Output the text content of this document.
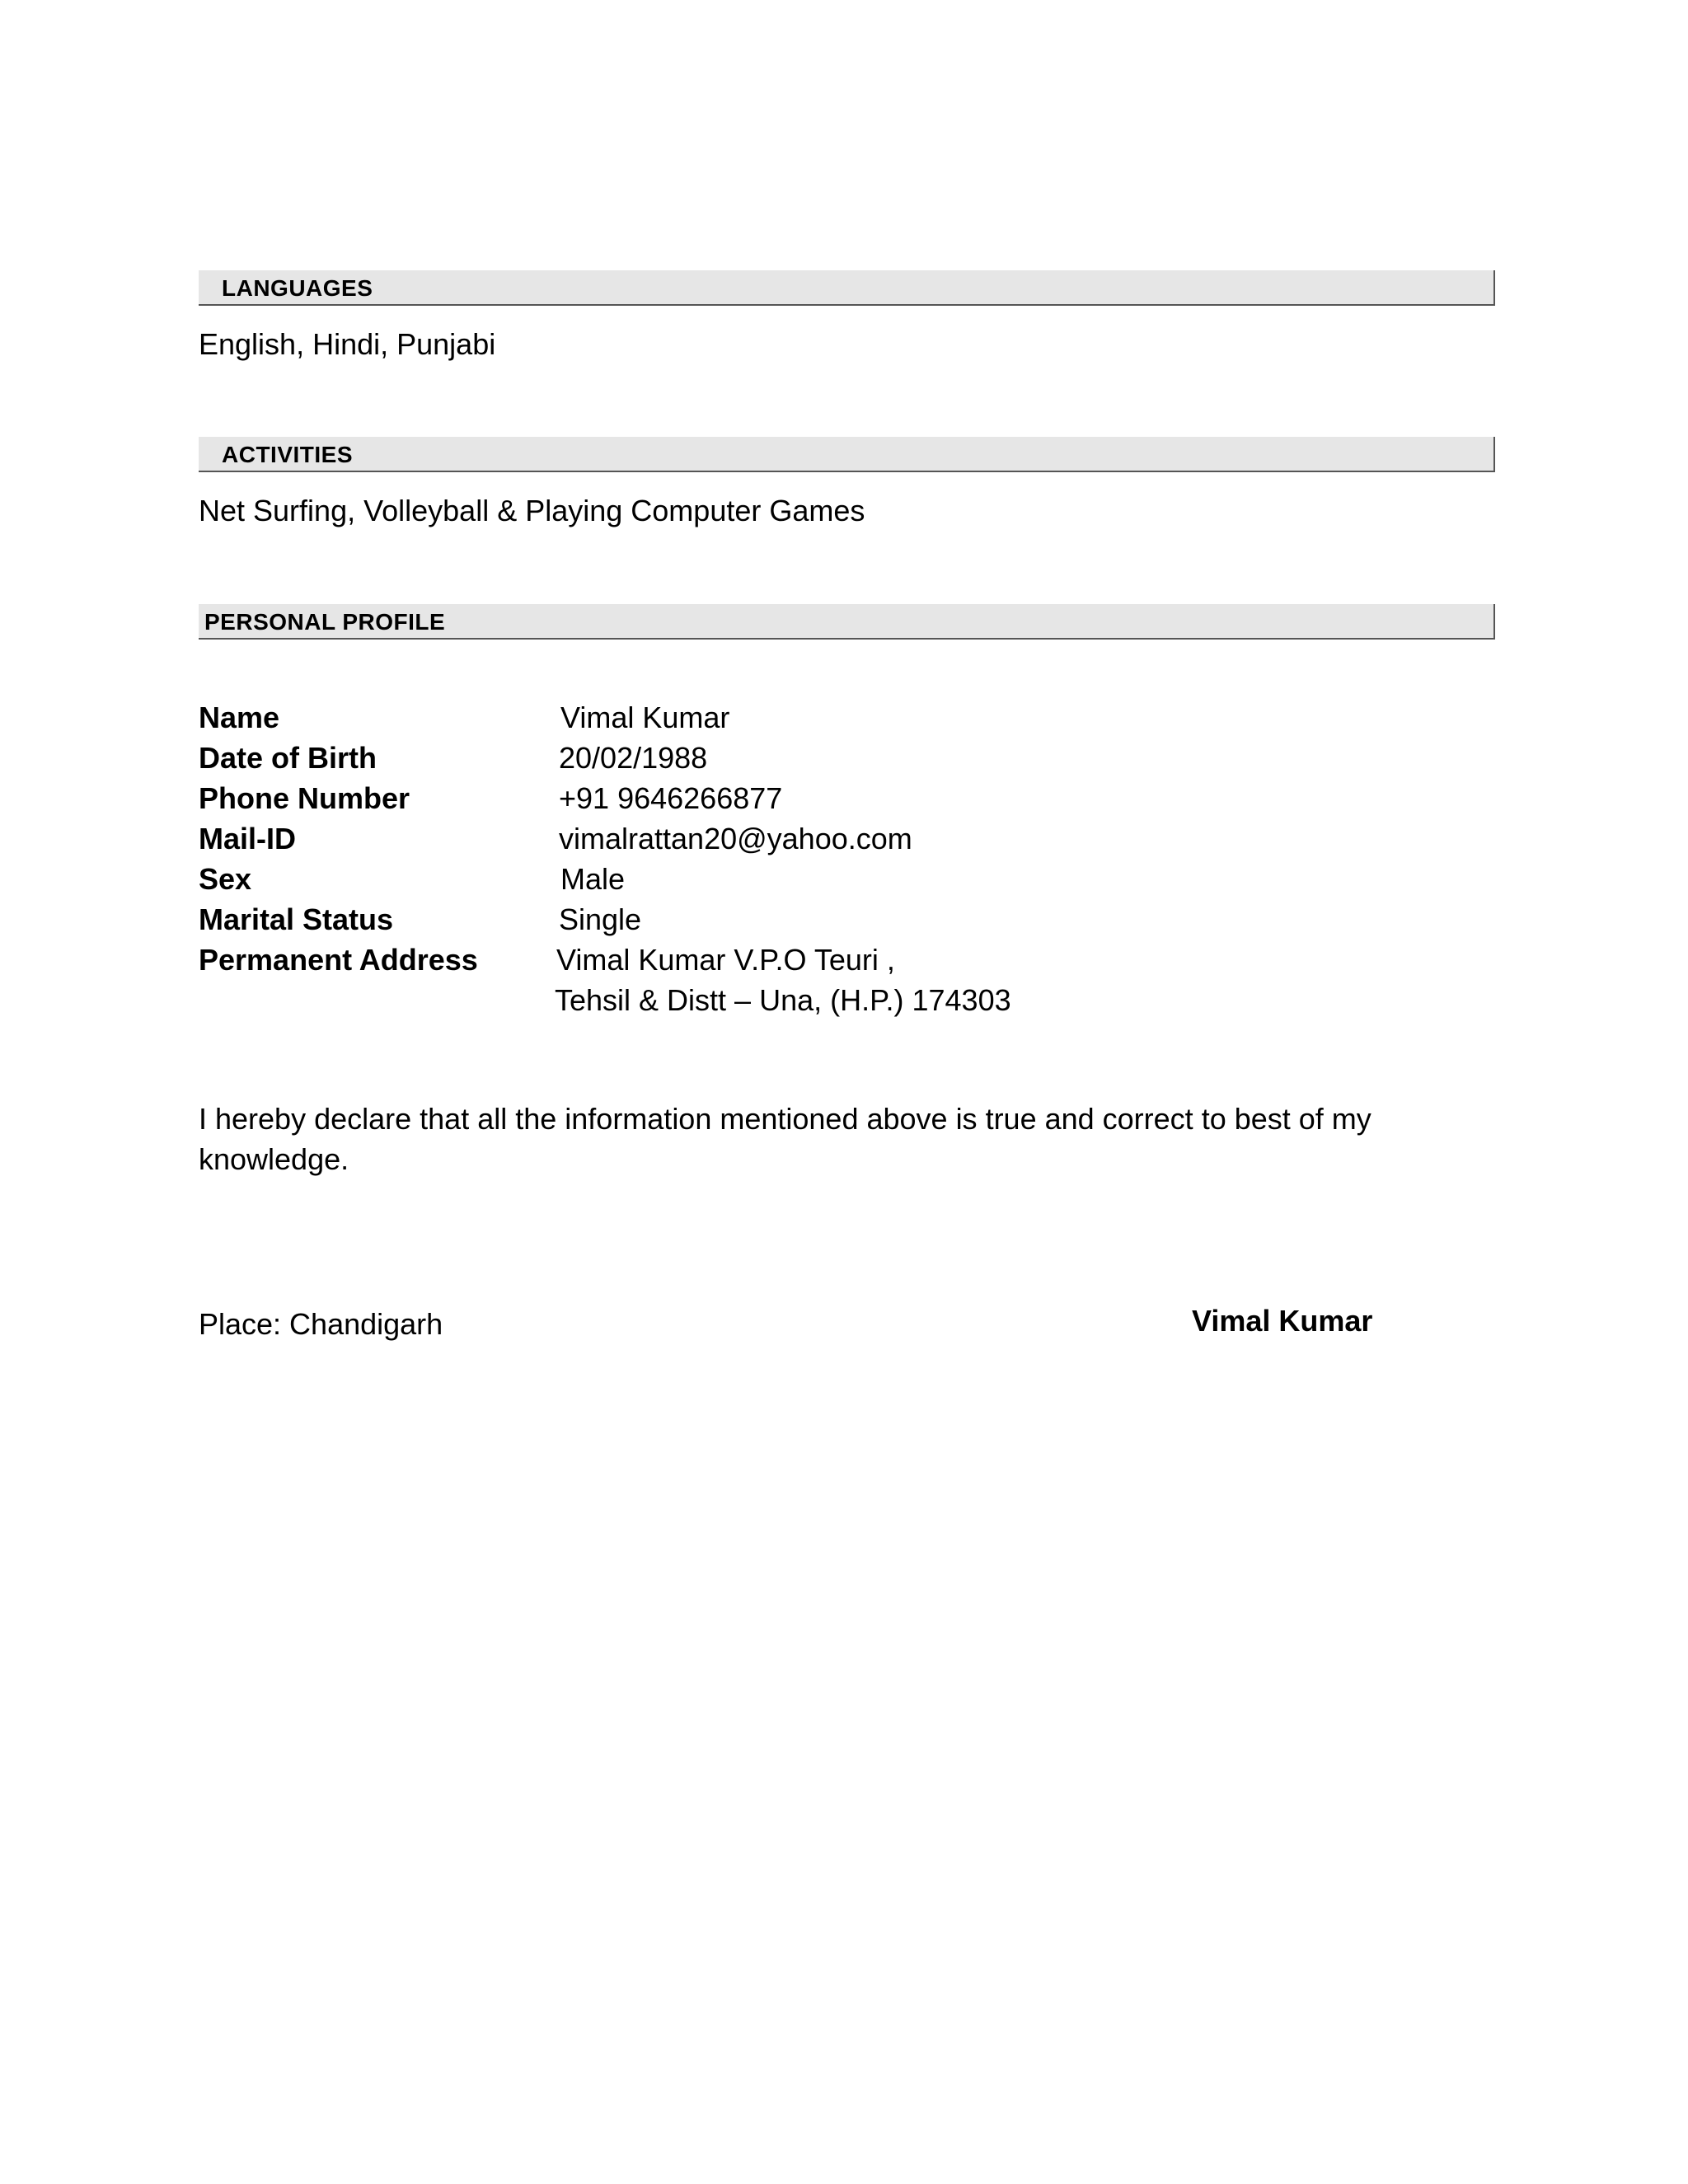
LANGUAGES
English, Hindi, Punjabi
ACTIVITIES
Net Surfing, Volleyball & Playing Computer Games
PERSONAL PROFILE
Name	Vimal Kumar
Date of Birth	20/02/1988
Phone Number	+91 9646266877
Mail-ID	vimalrattan20@yahoo.com
Sex	Male
Marital Status	Single
Permanent Address	Vimal Kumar V.P.O Teuri ,
Tehsil & Distt – Una, (H.P.) 174303
I hereby declare that all the information mentioned above is true and correct to best of my knowledge.
Place: Chandigarh	Vimal Kumar
